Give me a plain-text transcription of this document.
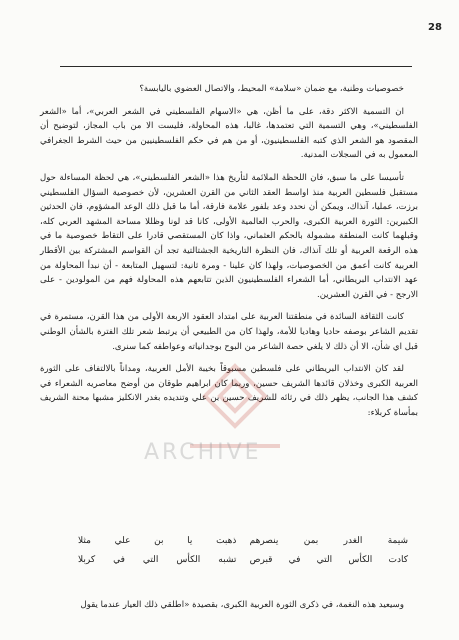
28

خصوصيات وطنية، مع ضمان «سلامة» المحيط، والاتصال العضوي باليابسة؟

ان التسمية الاكثر دقة، على ما أظن، هي «الاسهام الفلسطيني في الشعر العربي»، أما «الشعر الفلسطيني»، وهي التسمية التي تعتمدها، غالبا، هذه المحاولة، فليست الا من باب المجاز، لتوضيح أن المقصود هو الشعر الذي كتبه الفلسطينيون، أو من هم في حكم الفلسطينيين من حيث الشرط الجغرافي المعمول به في السجلات المدنية.

تأسيسا على ما سبق، فان اللحظة الملائمة لتأريخ هذا «الشعر الفلسطيني»، هي لحظة المساءلة حول مستقبل فلسطين العربية منذ اواسط العقد الثاني من القرن العشرين، لأن خصوصية السؤال الفلسطيني برزت، عمليا، آنذاك، ويمكن أن نحدد وعد بلفور علامة فارقة، أما ما قبل ذلك الوعد المشؤوم، فان الحدثين الكبيرين: الثورة العربية الكبرى، والحرب العالمية الأولى، كانا قد لونا وظللا مساحة المشهد العربي كله، وقبلهما كانت المنطقة مشمولة بالحكم العثماني، واذا كان المستقصي قادرا على التقاط خصوصية ما في هذه الرقعة العربية أو تلك آنذاك، فان النظرة التاريخية الجشتالتية تجد أن القواسم المشتركة بين الأقطار العربية كانت أعمق من الخصوصيات، ولهذا كان علينا - ومرة ثانية: لتسهيل المتابعة - أن نبدأ المحاولة من عهد الانتداب البريطاني، أما الشعراء الفلسطينيون الذين تتابعهم هذه المحاولة فهم من المولودين - على الارجح - في القرن العشرين.

كانت الثقافة السائدة في منطقتنا العربية على امتداد العقود الاربعة الأولى من هذا القرن، مستمرة في تقديم الشاعر بوصفه حاديا وهاديا للأمة، ولهذا كان من الطبيعي أن يرتبط شعر تلك الفترة بالشأن الوطني قبل اي شأن، الا أن ذلك لا يلغي حصة الشاعر من البوح بوجدانياته وعواطفه كما سنرى.

لقد كان الانتداب البريطاني على فلسطين مسبوقاً بخيبة الأمل العربية، ومداناً بالالتفاف على الثورة العربية الكبرى وخذلان قائدها الشريف حسين، وربما كان ابراهيم طوقان من أوضح معاصريه الشعراء في كشف هذا الجانب، يظهر ذلك في رثائه للشريف حسين بن علي وتنديده بغدر الانكليز مشبها محنة الشريف بمأساة كربلاء:

شيمة الغدر بمن ينصرهم
ذهبت يا بن علي مثلا
كادت الكأس التي في قبرص
تشبه الكأس التي في كربلا
وسيعيد هذه النغمة، في ذكرى الثورة العربية الكبرى، بقصيدة «اطلقي ذلك العيار عندما يقول
ARCHIVE
